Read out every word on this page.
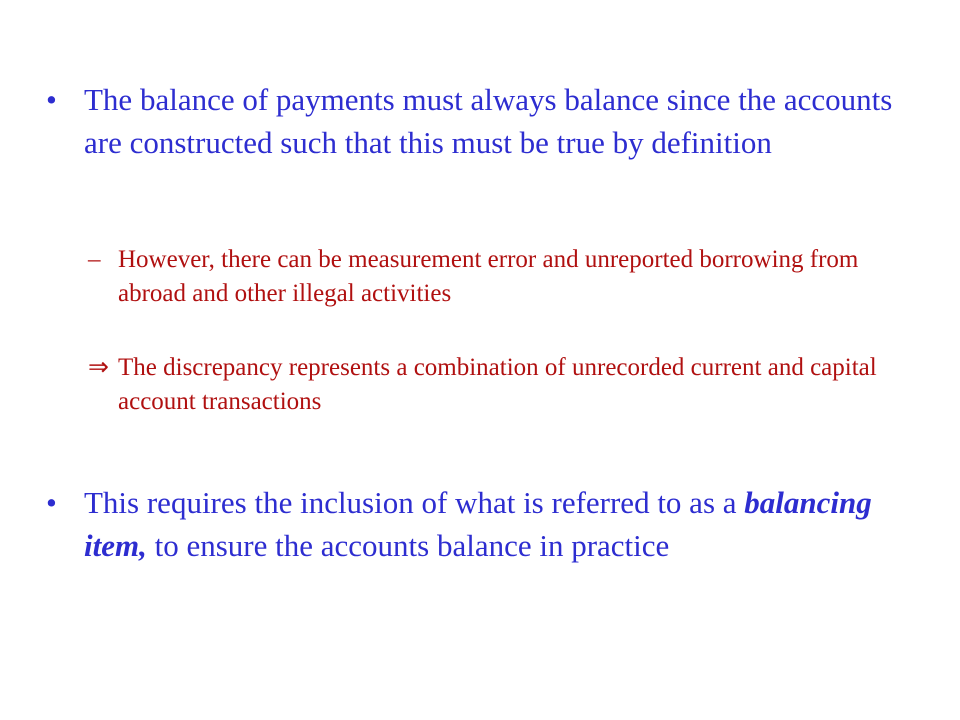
• The balance of payments must always balance since the accounts are constructed such that this must be true by definition
– However, there can be measurement error and unreported borrowing from abroad and other illegal activities
⇒ The discrepancy represents a combination of unrecorded current and capital account transactions
• This requires the inclusion of what is referred to as a balancing item, to ensure the accounts balance in practice
